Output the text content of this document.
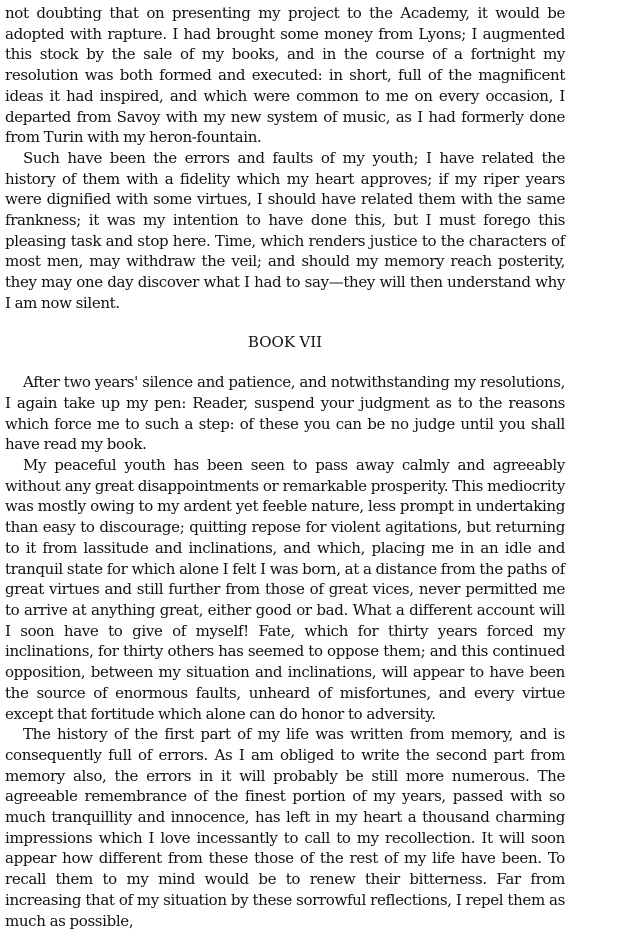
not doubting that on presenting my project to the Academy, it would be adopted with rapture. I had brought some money from Lyons; I augmented this stock by the sale of my books, and in the course of a fortnight my resolution was both formed and executed: in short, full of the magnificent ideas it had inspired, and which were common to me on every occasion, I departed from Savoy with my new system of music, as I had formerly done from Turin with my heron-fountain.

Such have been the errors and faults of my youth; I have related the history of them with a fidelity which my heart approves; if my riper years were dignified with some virtues, I should have related them with the same frankness; it was my intention to have done this, but I must forego this pleasing task and stop here. Time, which renders justice to the characters of most men, may withdraw the veil; and should my memory reach posterity, they may one day discover what I had to say—they will then understand why I am now silent.

BOOK VII

After two years' silence and patience, and notwithstanding my resolutions, I again take up my pen: Reader, suspend your judgment as to the reasons which force me to such a step: of these you can be no judge until you shall have read my book.

My peaceful youth has been seen to pass away calmly and agreeably without any great disappointments or remarkable prosperity. This mediocrity was mostly owing to my ardent yet feeble nature, less prompt in undertaking than easy to discourage; quitting repose for violent agitations, but returning to it from lassitude and inclinations, and which, placing me in an idle and tranquil state for which alone I felt I was born, at a distance from the paths of great virtues and still further from those of great vices, never permitted me to arrive at anything great, either good or bad. What a different account will I soon have to give of myself! Fate, which for thirty years forced my inclinations, for thirty others has seemed to oppose them; and this continued opposition, between my situation and inclinations, will appear to have been the source of enormous faults, unheard of misfortunes, and every virtue except that fortitude which alone can do honor to adversity.

The history of the first part of my life was written from memory, and is consequently full of errors. As I am obliged to write the second part from memory also, the errors in it will probably be still more numerous. The agreeable remembrance of the finest portion of my years, passed with so much tranquillity and innocence, has left in my heart a thousand charming impressions which I love incessantly to call to my recollection. It will soon appear how different from these those of the rest of my life have been. To recall them to my mind would be to renew their bitterness. Far from increasing that of my situation by these sorrowful reflections, I repel them as much as possible,
